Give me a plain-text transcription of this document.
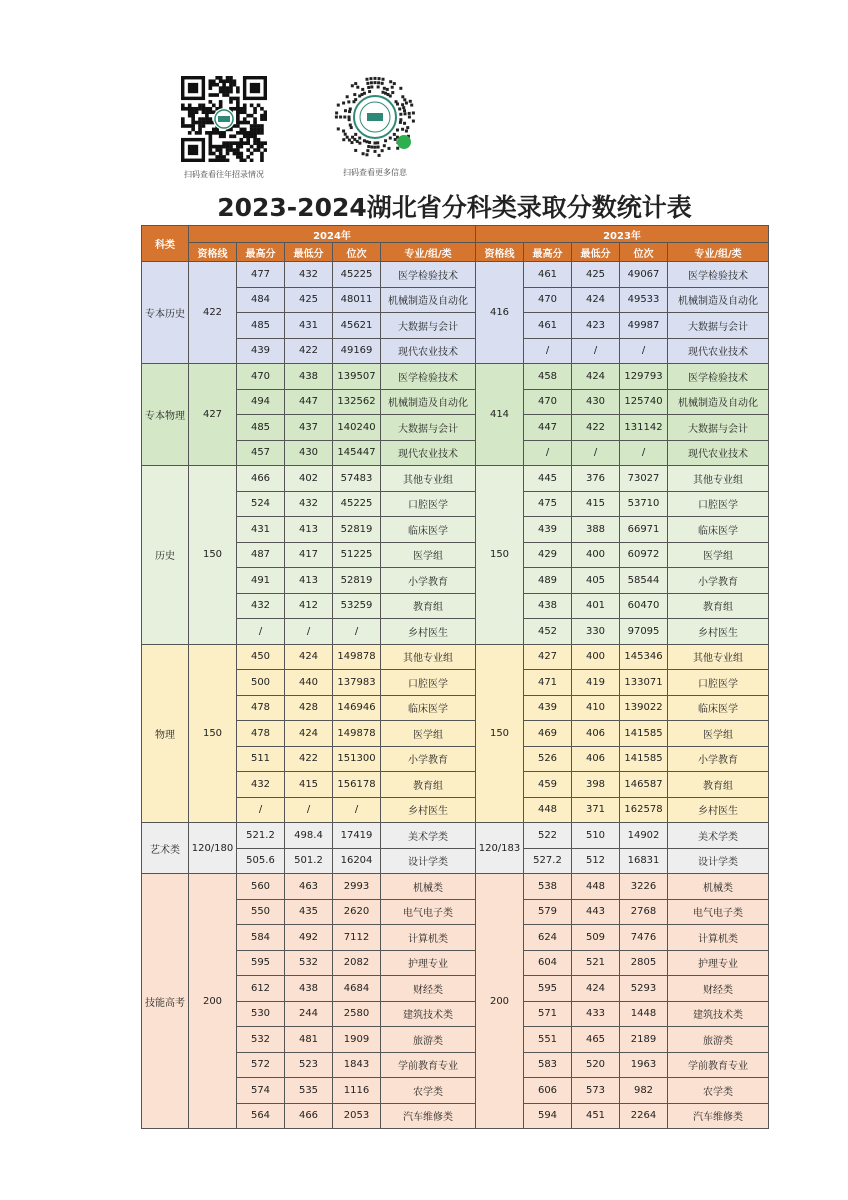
扫码查看往年招录情况	扫码查看更多信息
2023-2024湖北省分科类录取分数统计表
科类	2024年					2023年				
	资格线	最高分	最低分	位次	专业/组/类	资格线	最高分	最低分	位次	专业/组/类
专本历史	422	477	432	45225	医学检验技术	416	461	425	49067	医学检验技术
		484	425	48011	机械制造及自动化		470	424	49533	机械制造及自动化
		485	431	45621	大数据与会计		461	423	49987	大数据与会计
		439	422	49169	现代农业技术		/	/	/	现代农业技术
专本物理	427	470	438	139507	医学检验技术	414	458	424	129793	医学检验技术
		494	447	132562	机械制造及自动化		470	430	125740	机械制造及自动化
		485	437	140240	大数据与会计		447	422	131142	大数据与会计
		457	430	145447	现代农业技术		/	/	/	现代农业技术
历史	150	466	402	57483	其他专业组	150	445	376	73027	其他专业组
		524	432	45225	口腔医学		475	415	53710	口腔医学
		431	413	52819	临床医学		439	388	66971	临床医学
		487	417	51225	医学组		429	400	60972	医学组
		491	413	52819	小学教育		489	405	58544	小学教育
		432	412	53259	教育组		438	401	60470	教育组
		/	/	/	乡村医生		452	330	97095	乡村医生
物理	150	450	424	149878	其他专业组	150	427	400	145346	其他专业组
		500	440	137983	口腔医学		471	419	133071	口腔医学
		478	428	146946	临床医学		439	410	139022	临床医学
		478	424	149878	医学组		469	406	141585	医学组
		511	422	151300	小学教育		526	406	141585	小学教育
		432	415	156178	教育组		459	398	146587	教育组
		/	/	/	乡村医生		448	371	162578	乡村医生
艺术类	120/180	521.2	498.4	17419	美术学类	120/183	522	510	14902	美术学类
		505.6	501.2	16204	设计学类		527.2	512	16831	设计学类
技能高考	200	560	463	2993	机械类	200	538	448	3226	机械类
		550	435	2620	电气电子类		579	443	2768	电气电子类
		584	492	7112	计算机类		624	509	7476	计算机类
		595	532	2082	护理专业		604	521	2805	护理专业
		612	438	4684	财经类		595	424	5293	财经类
		530	244	2580	建筑技术类		571	433	1448	建筑技术类
		532	481	1909	旅游类		551	465	2189	旅游类
		572	523	1843	学前教育专业		583	520	1963	学前教育专业
		574	535	1116	农学类		606	573	982	农学类
		564	466	2053	汽车维修类		594	451	2264	汽车维修类
